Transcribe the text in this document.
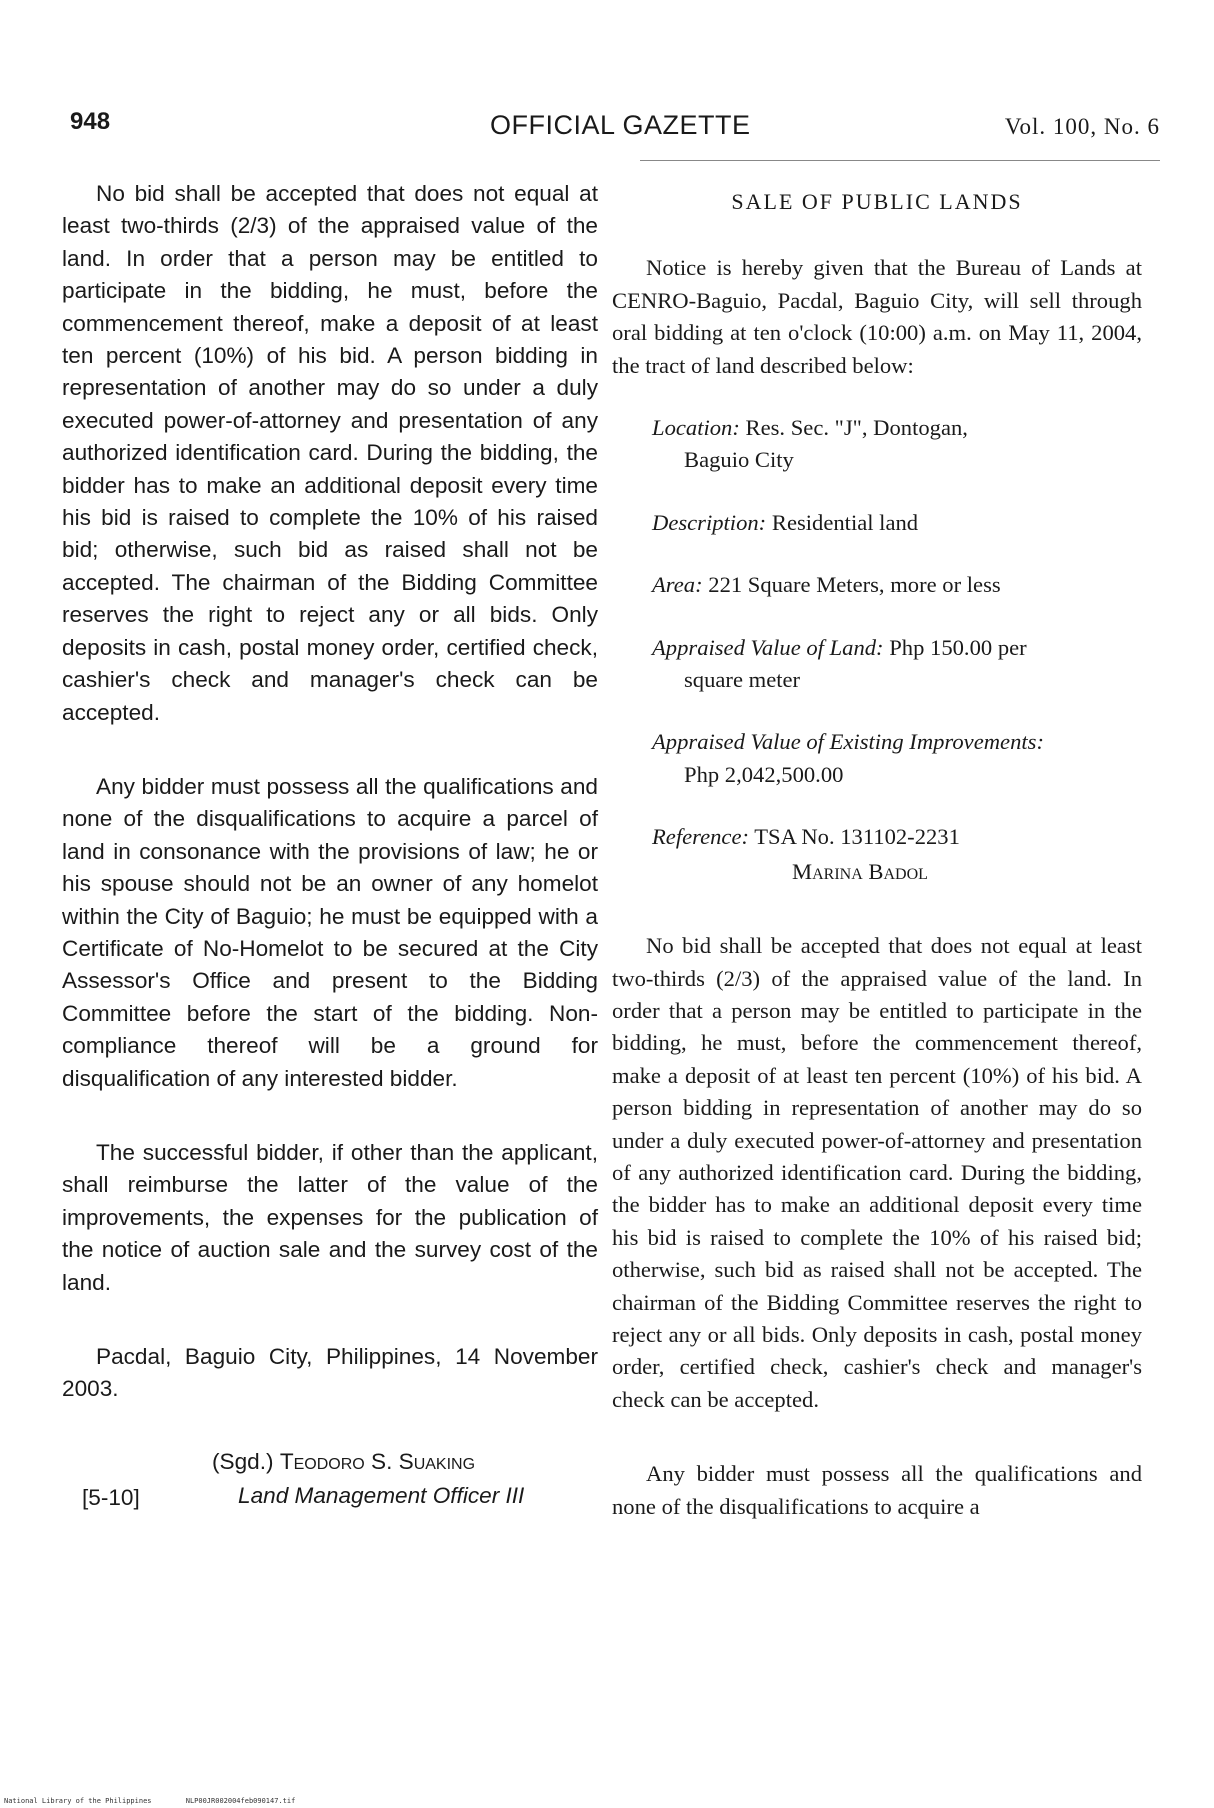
948	OFFICIAL GAZETTE	Vol. 100, No. 6

No bid shall be accepted that does not equal at least two-thirds (2/3) of the appraised value of the land. In order that a person may be entitled to participate in the bidding, he must, before the commencement thereof, make a deposit of at least ten percent (10%) of his bid. A person bidding in representation of another may do so under a duly executed power-of-attorney and presentation of any authorized identification card. During the bidding, the bidder has to make an additional deposit every time his bid is raised to complete the 10% of his raised bid; otherwise, such bid as raised shall not be accepted. The chairman of the Bidding Committee reserves the right to reject any or all bids. Only deposits in cash, postal money order, certified check, cashier's check and manager's check can be accepted.

Any bidder must possess all the qualifications and none of the disqualifications to acquire a parcel of land in consonance with the provisions of law; he or his spouse should not be an owner of any homelot within the City of Baguio; he must be equipped with a Certificate of No-Homelot to be secured at the City Assessor's Office and present to the Bidding Committee before the start of the bidding. Non-compliance thereof will be a ground for disqualification of any interested bidder.

The successful bidder, if other than the applicant, shall reimburse the latter of the value of the improvements, the expenses for the publication of the notice of auction sale and the survey cost of the land.

Pacdal, Baguio City, Philippines, 14 November 2003.

(Sgd.) Teodoro S. Suaking
Land Management Officer III
[5-10]

SALE OF PUBLIC LANDS

Notice is hereby given that the Bureau of Lands at CENRO-Baguio, Pacdal, Baguio City, will sell through oral bidding at ten o'clock (10:00) a.m. on May 11, 2004, the tract of land described below:

Location: Res. Sec. "J", Dontogan,
Baguio City
Description: Residential land
Area: 221 Square Meters, more or less
Appraised Value of Land: Php 150.00 per
square meter
Appraised Value of Existing Improvements:
Php 2,042,500.00
Reference: TSA No. 131102-2231

Marina Badol

No bid shall be accepted that does not equal at least two-thirds (2/3) of the appraised value of the land. In order that a person may be entitled to participate in the bidding, he must, before the commencement thereof, make a deposit of at least ten percent (10%) of his bid. A person bidding in representation of another may do so under a duly executed power-of-attorney and presentation of any authorized identification card. During the bidding, the bidder has to make an additional deposit every time his bid is raised to complete the 10% of his raised bid; otherwise, such bid as raised shall not be accepted. The chairman of the Bidding Committee reserves the right to reject any or all bids. Only deposits in cash, postal money order, certified check, cashier's check and manager's check can be accepted.

Any bidder must possess all the qualifications and none of the disqualifications to acquire a

National Library of the Philippines	NLP00JR002004feb090147.tif
